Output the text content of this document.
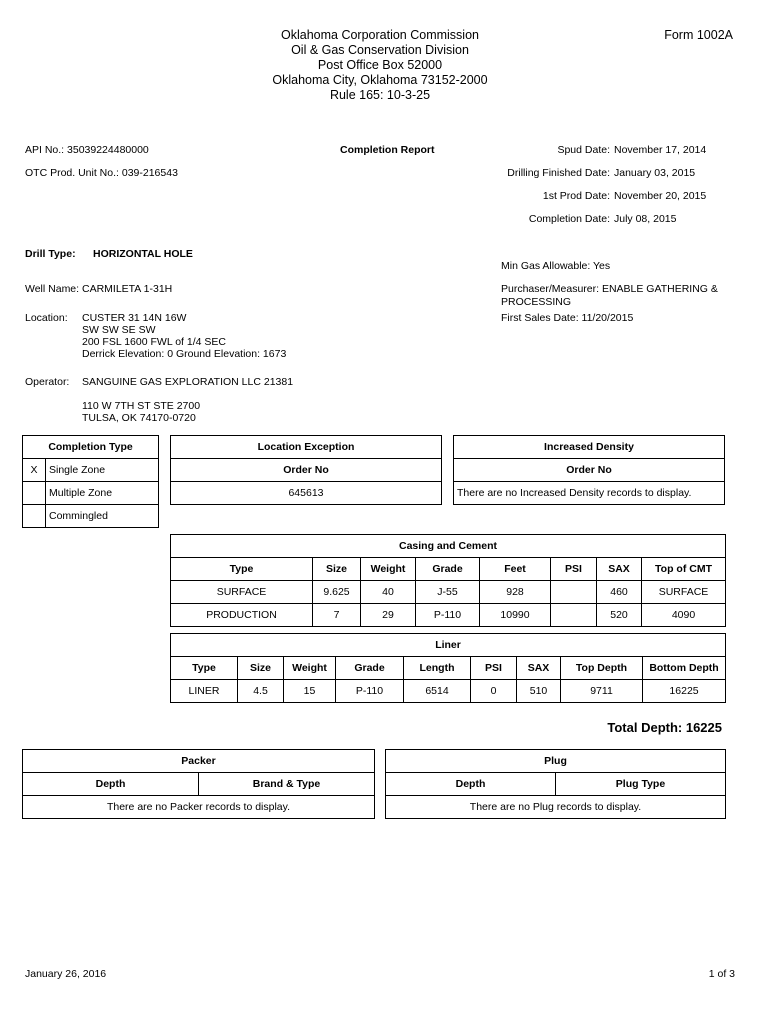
Oklahoma Corporation Commission
Oil & Gas Conservation Division
Post Office Box 52000
Oklahoma City, Oklahoma 73152-2000
Rule 165: 10-3-25
Form 1002A
API No.: 35039224480000	Completion Report
OTC Prod. Unit No.: 039-216543
Spud Date: November 17, 2014
Drilling Finished Date: January 03, 2015
1st Prod Date: November 20, 2015
Completion Date: July 08, 2015
Drill Type: HORIZONTAL HOLE
Min Gas Allowable: Yes
Well Name: CARMILETA 1-31H	Purchaser/Measurer: ENABLE GATHERING &
PROCESSING
Location: CUSTER 31 14N 16W
SW SW SE SW
200 FSL 1600 FWL of 1/4 SEC
Derrick Elevation: 0 Ground Elevation: 1673
First Sales Date: 11/20/2015
Operator: SANGUINE GAS EXPLORATION LLC 21381
110 W 7TH ST STE 2700
TULSA, OK 74170-0720
Completion Type	
X	Single Zone
	Multiple Zone
	Commingled
Location Exception
Order No
645613
Increased Density
Order No
There are no Increased Density records to display.
Casing and Cement							
Type	Size	Weight	Grade	Feet	PSI	SAX	Top of CMT
SURFACE	9.625	40	J-55	928		460	SURFACE
PRODUCTION	7	29	P-110	10990		520	4090
Liner								
Type	Size	Weight	Grade	Length	PSI	SAX	Top Depth	Bottom Depth
LINER	4.5	15	P-110	6514	0	510	9711	16225
Total Depth: 16225
Packer
Depth	Brand & Type
There are no Packer records to display.
Plug
Depth	Plug Type
There are no Plug records to display.
January 26, 2016	1 of 3
